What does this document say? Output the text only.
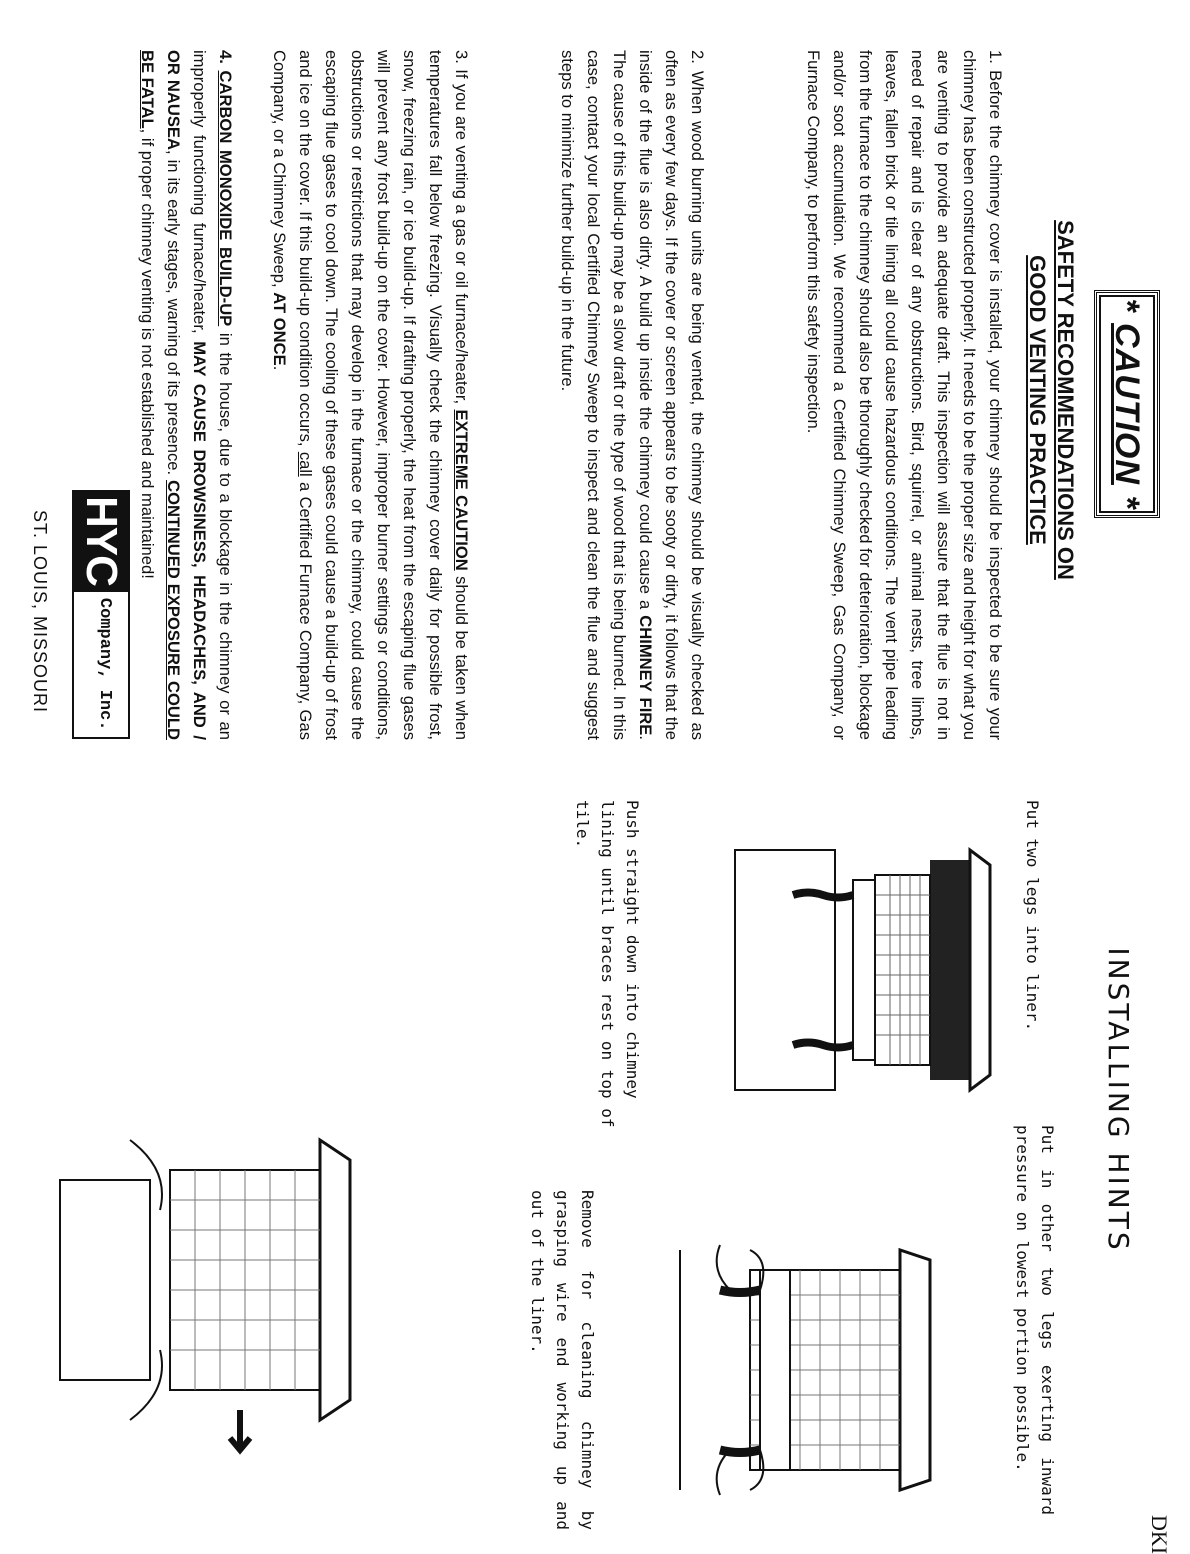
* CAUTION *
SAFETY RECOMMENDATIONS ON
GOOD VENTING PRACTICE

1. Before the chimney cover is installed, your chimney should be inspected to be sure your chimney has been constructed properly. It needs to be the proper size and height for what you are venting to provide an adequate draft. This inspection will assure that the flue is not in need of repair and is clear of any obstructions. Bird, squirrel, or animal nests, tree limbs, leaves, fallen brick or tile lining all could cause hazardous conditions. The vent pipe leading from the furnace to the chimney should also be thoroughly checked for deterioration, blockage and/or soot accumulation. We recommend a Certified Chimney Sweep, Gas Company, or Furnace Company, to perform this safety inspection.

2. When wood burning units are being vented, the chimney should be visually checked as often as every few days. If the cover or screen appears to be sooty or dirty, it follows that the inside of the flue is also dirty. A build up inside the chimney could cause a CHIMNEY FIRE. The cause of this build-up may be a slow draft or the type of wood that is being burned. In this case, contact your local Certified Chimney Sweep to inspect and clean the flue and suggest steps to minimize further build-up in the future.

3. If you are venting a gas or oil furnace/heater, EXTREME CAUTION should be taken when temperatures fall below freezing. Visually check the chimney cover daily for possible frost, snow, freezing rain, or ice build-up. If drafting properly, the heat from the escaping flue gases will prevent any frost build-up on the cover. However, improper burner settings or conditions, obstructions or restrictions that may develop in the furnace or the chimney, could cause the escaping flue gases to cool down. The cooling of these gases could cause a build-up of frost and ice on the cover. If this build-up condition occurs, call a Certified Furnace Company, Gas Company, or a Chimney Sweep, AT ONCE.

4. CARBON MONOXIDE BUILD-UP in the house, due to a blockage in the chimney or an improperly functioning furnace/heater, MAY CAUSE DROWSINESS, HEADACHES, AND / OR NAUSEA, in its early stages, warning of its presence. CONTINUED EXPOSURE COULD BE FATAL, if proper chimney venting is not established and maintained!

HYC
Company, Inc.
ST. LOUIS, MISSOURI
DKI
INSTALLING HINTS
Put two legs into liner.
Put in other two legs exerting inward pressure on lowest portion possible.
Push straight down into chimney lining until braces rest on top of tile.
Remove for cleaning chimney by grasping wire end working up and out of the liner.
